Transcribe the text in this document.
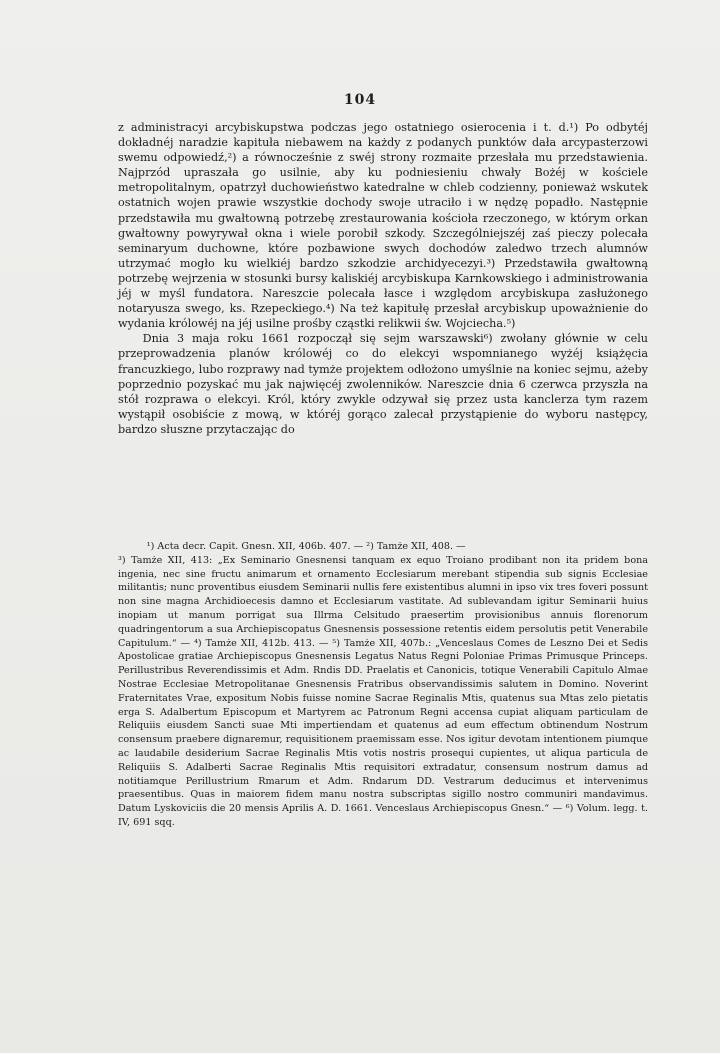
104

z administracyi arcybiskupstwa podczas jego ostatniego osierocenia i t. d.¹) Po odbytéj dokładnéj naradzie kapituła niebawem na każdy z podanych punktów dała arcypasterzowi swemu odpowiedź,²) a równocześnie z swéj strony rozmaite przesłała mu przedstawienia. Najprzód upraszała go usilnie, aby ku podniesieniu chwały Bożéj w kościele metropolitalnym, opatrzył duchowieństwo katedralne w chleb codzienny, ponieważ wskutek ostatnich wojen prawie wszystkie dochody swoje utraciło i w nędzę popadło. Następnie przedstawiła mu gwałtowną potrzebę zrestaurowania kościoła rzeczonego, w którym orkan gwałtowny powyrywał okna i wiele porobił szkody. Szczególniejszéj zaś pieczy polecała seminaryum duchowne, które pozbawione swych dochodów zaledwo trzech alumnów utrzymać mogło ku wielkiéj bardzo szkodzie archidyecezyi.³) Przedstawiła gwałtowną potrzebę wejrzenia w stosunki bursy kaliskiéj arcybiskupa Karnkowskiego i administrowania jéj w myśl fundatora. Nareszcie polecała łasce i względom arcybiskupa zasłużonego notaryusza swego, ks. Rzepeckiego.⁴) Na też kapitułę przesłał arcybiskup upoważnienie do wydania królowéj na jéj usilne prośby cząstki relikwii św. Wojciecha.⁵)

Dnia 3 maja roku 1661 rozpoczął się sejm warszawski⁶) zwołany głównie w celu przeprowadzenia planów królowéj co do elekcyi wspomnianego wyżéj książęcia francuzkiego, lubo rozprawy nad tymże projektem odłożono umyślnie na koniec sejmu, ażeby poprzednio pozyskać mu jak najwięcéj zwolenników. Nareszcie dnia 6 czerwca przyszła na stół rozprawa o elekcyi. Król, który zwykle odzywał się przez usta kanclerza tym razem wystąpił osobiście z mową, w któréj gorąco zalecał przystąpienie do wyboru następcy, bardzo słuszne przytaczając do

¹) Acta decr. Capit. Gnesn. XII, 406b. 407. — ²) Tamże XII, 408. —

³) Tamże XII, 413: „Ex Seminario Gnesnensi tanquam ex equo Troiano prodibant non ita pridem bona ingenia, nec sine fructu animarum et ornamento Ecclesiarum merebant stipendia sub signis Ecclesiae militantis; nunc proventibus eiusdem Seminarii nullis fere existentibus alumni in ipso vix tres foveri possunt non sine magna Archidioecesis damno et Ecclesiarum vastitate. Ad sublevandam igitur Seminarii huius inopiam ut manum porrigat sua Illrma Celsitudo praesertim provisionibus annuis florenorum quadringentorum a sua Archiepiscopatus Gnesnensis possessione retentis eidem persolutis petit Venerabile Capitulum.“ — ⁴) Tamże XII, 412b. 413. — ⁵) Tamże XII, 407b.: „Venceslaus Comes de Leszno Dei et Sedis Apostolicae gratiae Archiepiscopus Gnesnensis Legatus Natus Regni Poloniae Primas Primusque Princeps. Perillustribus Reverendissimis et Adm. Rndis DD. Praelatis et Canonicis, totique Venerabili Capitulo Almae Nostrae Ecclesiae Metropolitanae Gnesnensis Fratribus observandissimis salutem in Domino. Noverint Fraternitates Vrae, expositum Nobis fuisse nomine Sacrae Reginalis Mtis, quatenus sua Mtas zelo pietatis erga S. Adalbertum Episcopum et Martyrem ac Patronum Regni accensa cupiat aliquam particulam de Reliquiis eiusdem Sancti suae Mti impertiendam et quatenus ad eum effectum obtinendum Nostrum consensum praebere dignaremur, requisitionem praemissam esse. Nos igitur devotam intentionem piumque ac laudabile desiderium Sacrae Reginalis Mtis votis nostris prosequi cupientes, ut aliqua particula de Reliquiis S. Adalberti Sacrae Reginalis Mtis requisitori extradatur, consensum nostrum damus ad notitiamque Perillustrium Rmarum et Adm. Rndarum DD. Vestrarum deducimus et intervenimus praesentibus. Quas in maiorem fidem manu nostra subscriptas sigillo nostro communiri mandavimus. Datum Lyskoviciis die 20 mensis Aprilis A. D. 1661. Venceslaus Archiepiscopus Gnesn.“ — ⁶) Volum. legg. t. IV, 691 sqq.
